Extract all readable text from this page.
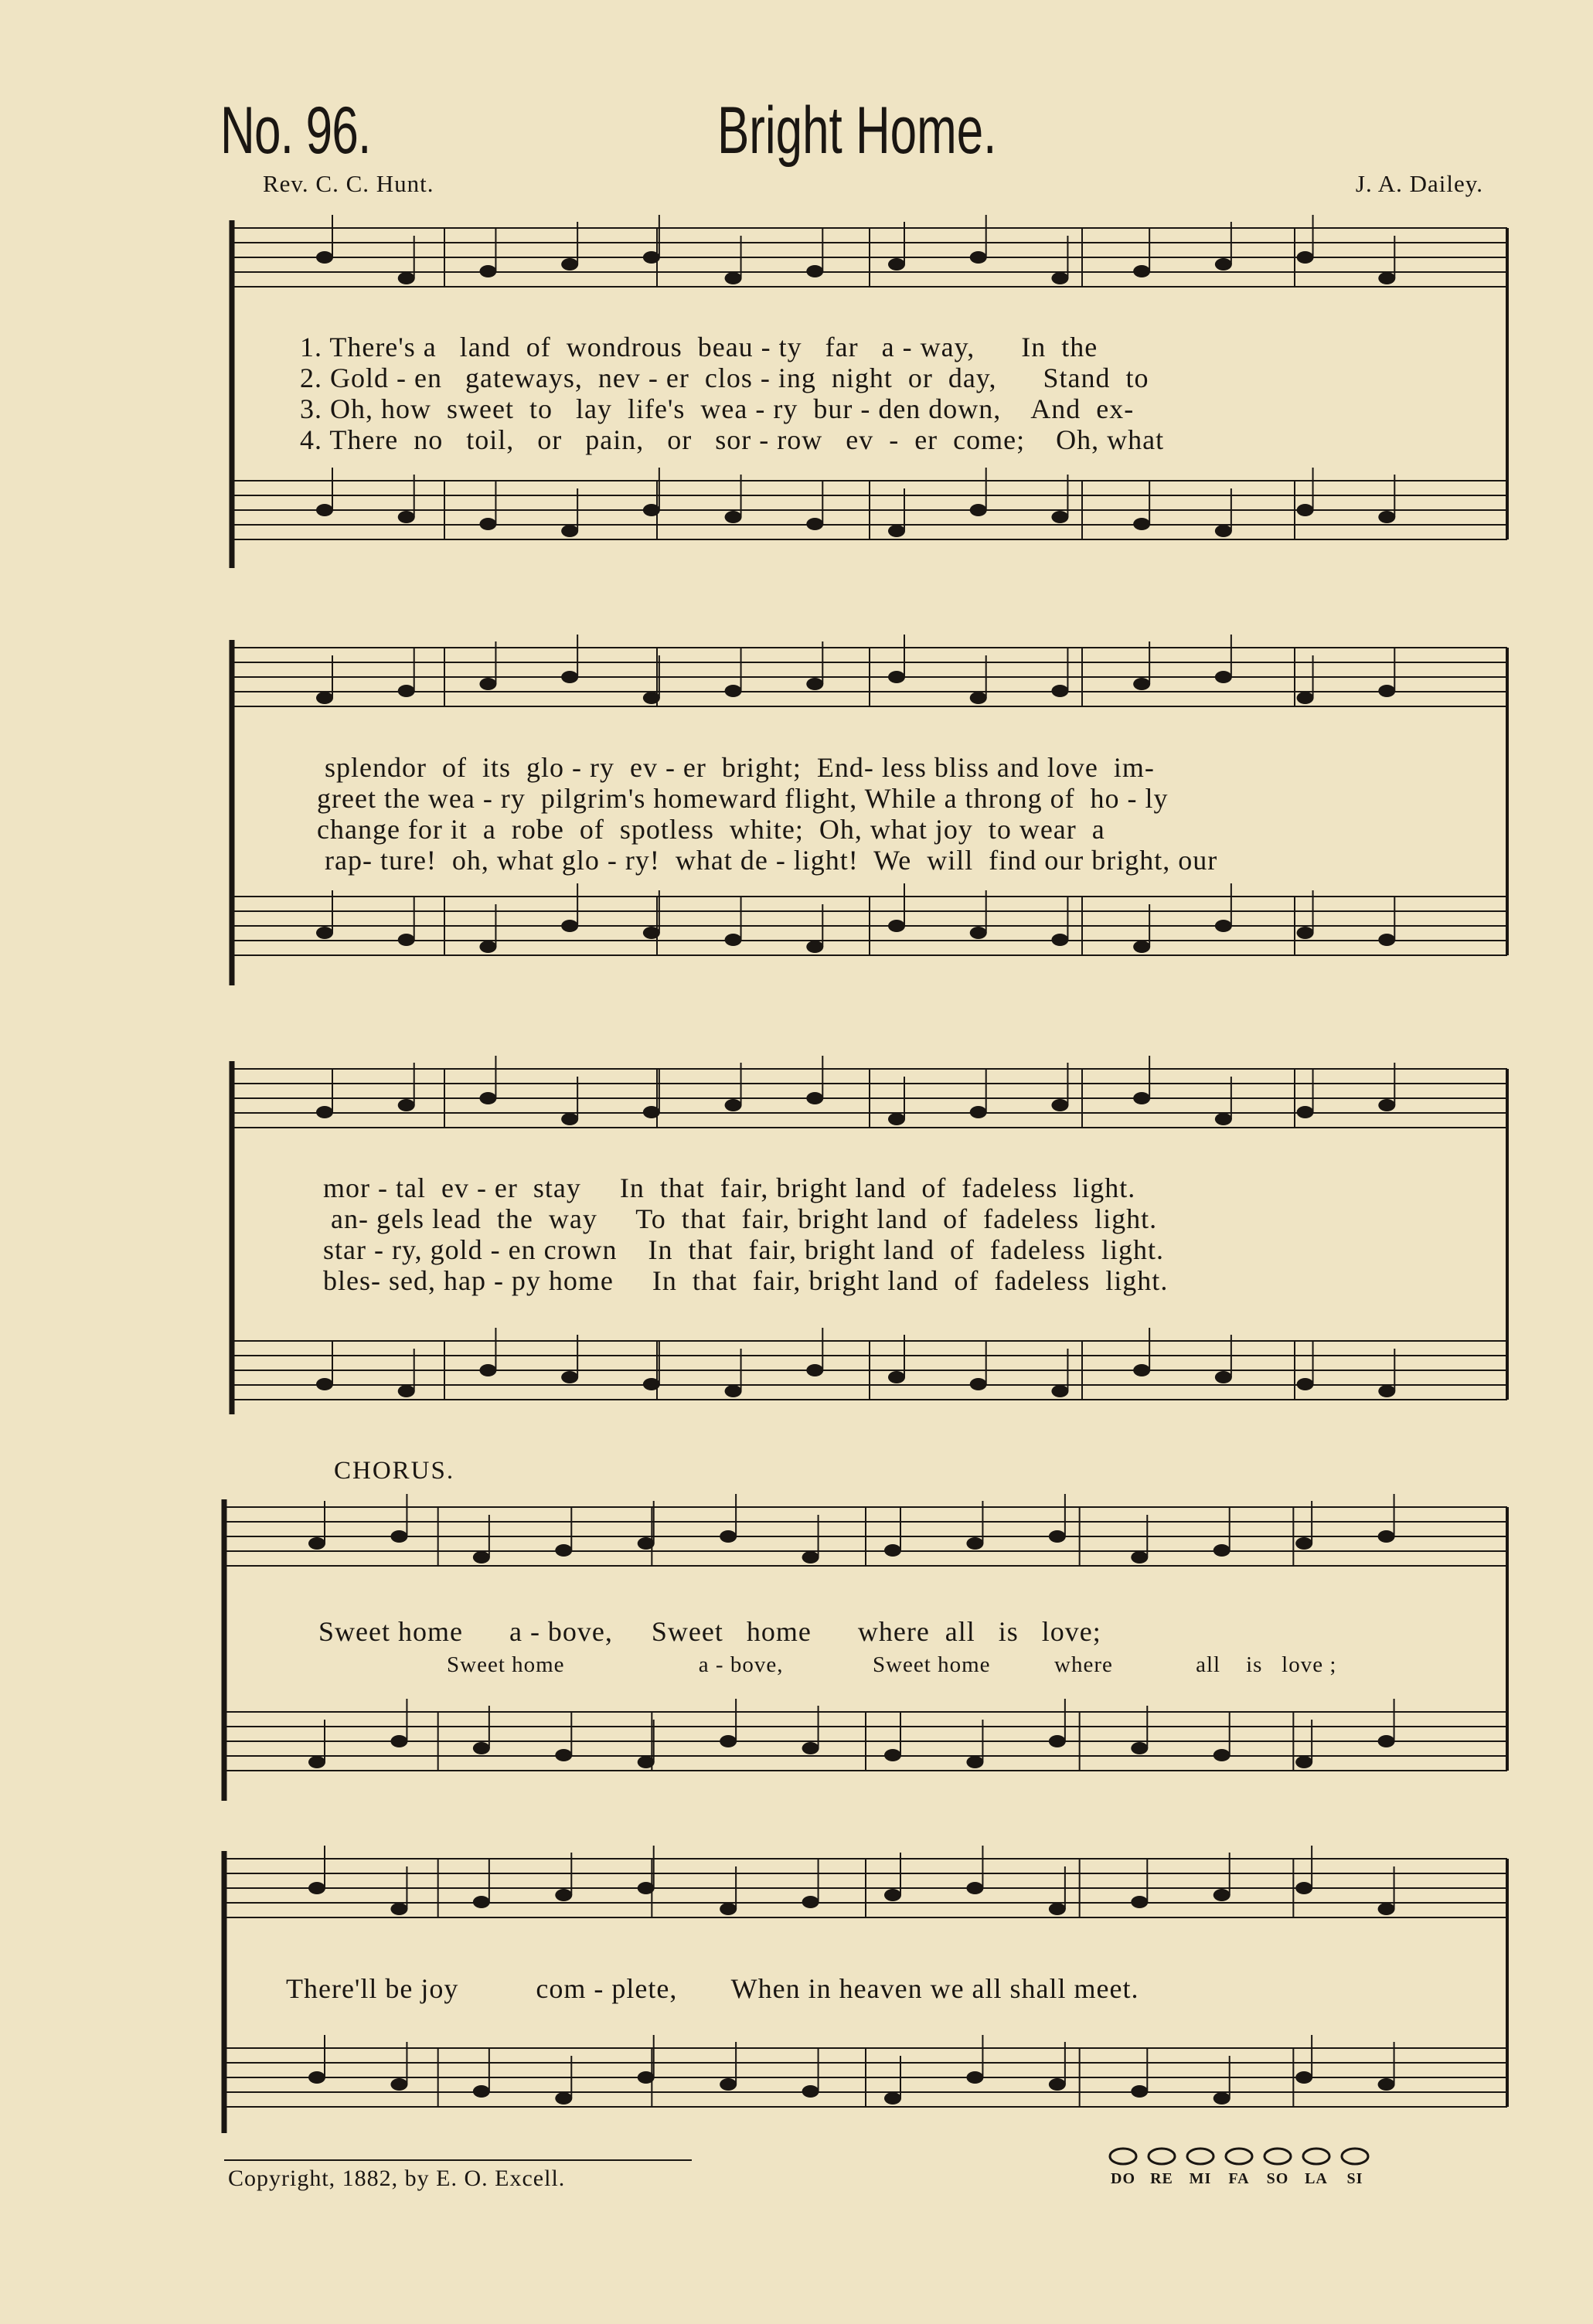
No. 96.	Bright Home.
Rev. C. C. Hunt.	J. A. Dailey.
1. There's a   land  of  wondrous  beau - ty   far   a - way,      In  the
2. Gold - en   gateways,  nev - er  clos - ing  night  or  day,      Stand  to
3. Oh, how  sweet  to   lay  life's  wea - ry  bur - den down,    And  ex-
4. There  no   toil,   or   pain,   or   sor - row   ev  -  er  come;    Oh, what
splendor  of  its  glo - ry  ev - er  bright;  End- less bliss and love  im-
greet the wea - ry  pilgrim's homeward flight, While a throng of  ho - ly
change for it  a  robe  of  spotless  white;  Oh, what joy  to wear  a
rap- ture!  oh, what glo - ry!  what de - light!  We  will  find our bright, our
mor - tal  ev - er  stay     In  that  fair, bright land  of  fadeless  light.
an- gels lead  the  way     To  that  fair, bright land  of  fadeless  light.
star - ry, gold - en crown    In  that  fair, bright land  of  fadeless  light.
bles- sed, hap - py home     In  that  fair, bright land  of  fadeless  light.
CHORUS.
Sweet home      a - bove,     Sweet   home      where  all   is   love;
Sweet home                     a - bove,              Sweet home          where             all    is   love ;
There'll be joy          com - plete,       When in heaven we all shall meet.
Copyright, 1882, by E. O. Excell.	DO RE MI FA SO LA SI
